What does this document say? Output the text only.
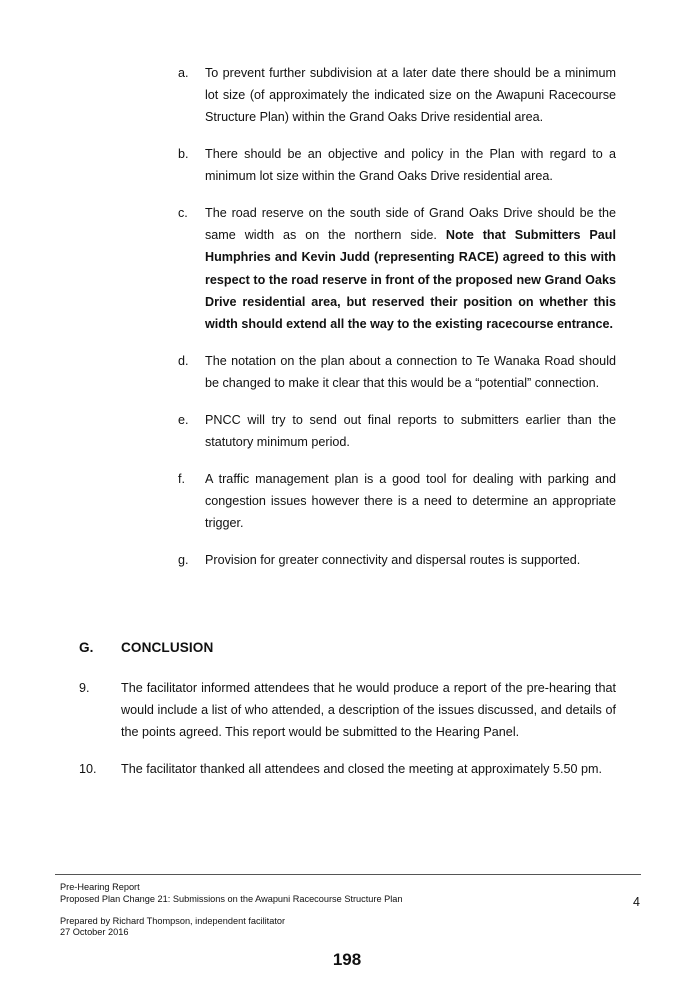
a.	To prevent further subdivision at a later date there should be a minimum lot size (of approximately the indicated size on the Awapuni Racecourse Structure Plan) within the Grand Oaks Drive residential area.
b.	There should be an objective and policy in the Plan with regard to a minimum lot size within the Grand Oaks Drive residential area.
c.	The road reserve on the south side of Grand Oaks Drive should be the same width as on the northern side. Note that Submitters Paul Humphries and Kevin Judd (representing RACE) agreed to this with respect to the road reserve in front of the proposed new Grand Oaks Drive residential area, but reserved their position on whether this width should extend all the way to the existing racecourse entrance.
d.	The notation on the plan about a connection to Te Wanaka Road should be changed to make it clear that this would be a “potential” connection.
e.	PNCC will try to send out final reports to submitters earlier than the statutory minimum period.
f.	A traffic management plan is a good tool for dealing with parking and congestion issues however there is a need to determine an appropriate trigger.
g.	Provision for greater connectivity and dispersal routes is supported.
G. CONCLUSION
9. The facilitator informed attendees that he would produce a report of the pre-hearing that would include a list of who attended, a description of the issues discussed, and details of the points agreed. This report would be submitted to the Hearing Panel.
10. The facilitator thanked all attendees and closed the meeting at approximately 5.50 pm.
Pre-Hearing Report
Proposed Plan Change 21: Submissions on the Awapuni Racecourse Structure Plan
Prepared by Richard Thompson, independent facilitator
27 October 2016
4
198
